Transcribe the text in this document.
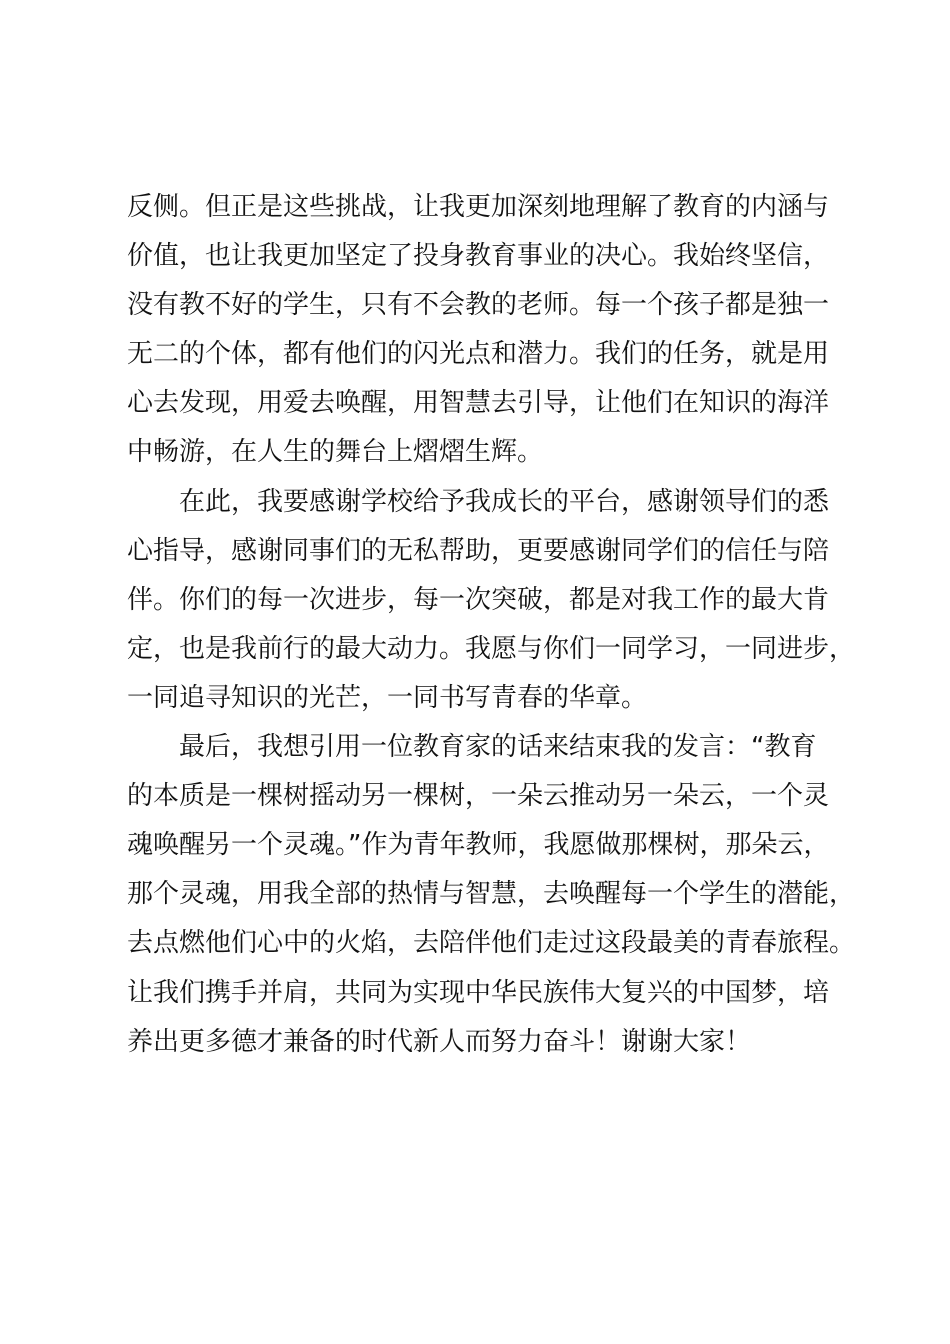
反侧。但正是这些挑战，让我更加深刻地理解了教育的内涵与
价值，也让我更加坚定了投身教育事业的决心。我始终坚信，
没有教不好的学生，只有不会教的老师。每一个孩子都是独一
无二的个体，都有他们的闪光点和潜力。我们的任务，就是用
心去发现，用爱去唤醒，用智慧去引导，让他们在知识的海洋
中畅游，在人生的舞台上熠熠生辉。
在此，我要感谢学校给予我成长的平台，感谢领导们的悉
心指导，感谢同事们的无私帮助，更要感谢同学们的信任与陪
伴。你们的每一次进步，每一次突破，都是对我工作的最大肯
定，也是我前行的最大动力。我愿与你们一同学习，一同进步，
一同追寻知识的光芒，一同书写青春的华章。
最后，我想引用一位教育家的话来结束我的发言：“教育
的本质是一棵树摇动另一棵树，一朵云推动另一朵云，一个灵
魂唤醒另一个灵魂。”作为青年教师，我愿做那棵树，那朵云，
那个灵魂，用我全部的热情与智慧，去唤醒每一个学生的潜能，
去点燃他们心中的火焰，去陪伴他们走过这段最美的青春旅程。
让我们携手并肩，共同为实现中华民族伟大复兴的中国梦，培
养出更多德才兼备的时代新人而努力奋斗！谢谢大家！
